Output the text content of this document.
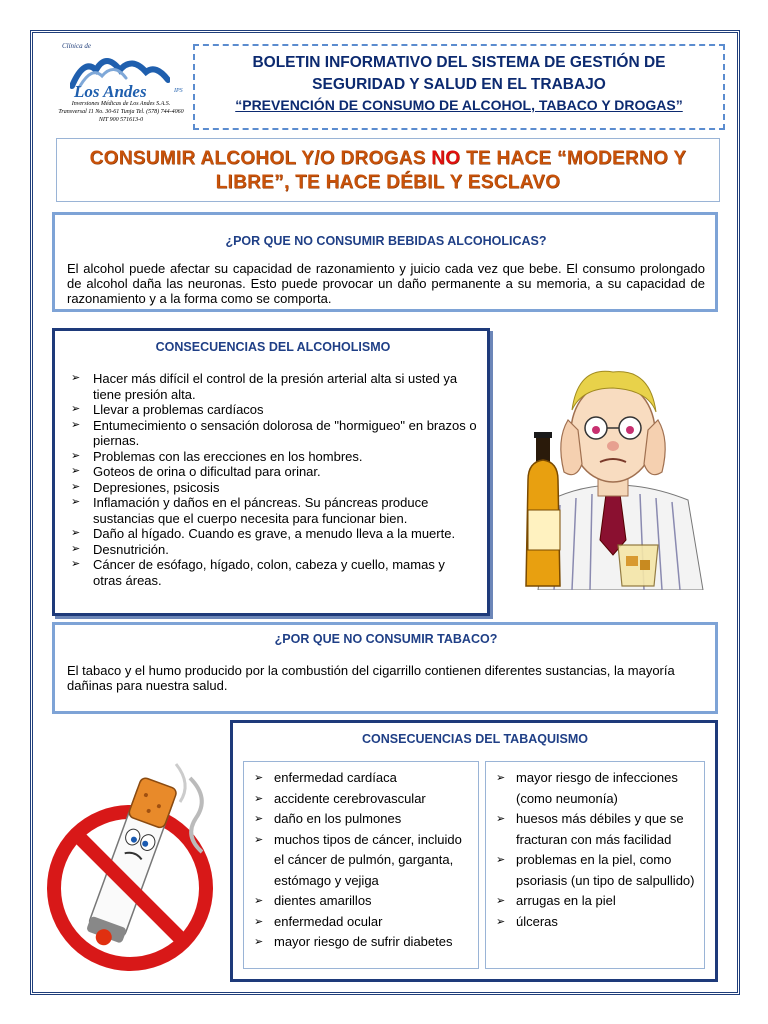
Clínica de
Los Andes	IPS
Inversiones Médicas de Los Andes S.A.S.
Transversal 11 No. 30-61 Tunja Tel. (578) 744-4060
NIT 900 571613-0
BOLETIN INFORMATIVO DEL SISTEMA DE GESTIÓN DE
SEGURIDAD Y SALUD EN EL TRABAJO
“PREVENCIÓN DE CONSUMO DE ALCOHOL, TABACO Y DROGAS”
CONSUMIR ALCOHOL Y/O DROGAS NO TE HACE “MODERNO Y
LIBRE”, TE HACE DÉBIL Y ESCLAVO
¿POR QUE NO CONSUMIR BEBIDAS ALCOHOLICAS?
El alcohol puede afectar su capacidad de razonamiento y juicio cada vez que bebe. El consumo prolongado de alcohol daña las neuronas. Esto puede provocar un daño permanente a su memoria, a su capacidad de razonamiento y a la forma como se comporta.
CONSECUENCIAS DEL ALCOHOLISMO
➢ Hacer más difícil el control de la presión arterial alta si usted ya tiene presión alta.
➢ Llevar a problemas cardíacos
➢ Entumecimiento o sensación dolorosa de "hormigueo" en brazos o piernas.
➢ Problemas con las erecciones en los hombres.
➢ Goteos de orina o dificultad para orinar.
➢ Depresiones, psicosis
➢ Inflamación y daños en el páncreas. Su páncreas produce sustancias que el cuerpo necesita para funcionar bien.
➢ Daño al hígado. Cuando es grave, a menudo lleva a la muerte.
➢ Desnutrición.
➢ Cáncer de esófago, hígado, colon, cabeza y cuello, mamas y otras áreas.
¿POR QUE NO CONSUMIR TABACO?
El tabaco y el humo producido por la combustión del cigarrillo contienen diferentes sustancias, la mayoría dañinas para nuestra salud.
CONSECUENCIAS DEL TABAQUISMO
➢ enfermedad cardíaca
➢ accidente cerebrovascular
➢ daño en los pulmones
➢ muchos tipos de cáncer, incluido el cáncer de pulmón, garganta, estómago y vejiga
➢ dientes amarillos
➢ enfermedad ocular
➢ mayor riesgo de sufrir diabetes
➢ mayor riesgo de infecciones (como neumonía)
➢ huesos más débiles y que se fracturan con más facilidad
➢ problemas en la piel, como psoriasis (un tipo de salpullido)
➢ arrugas en la piel
➢ úlceras
